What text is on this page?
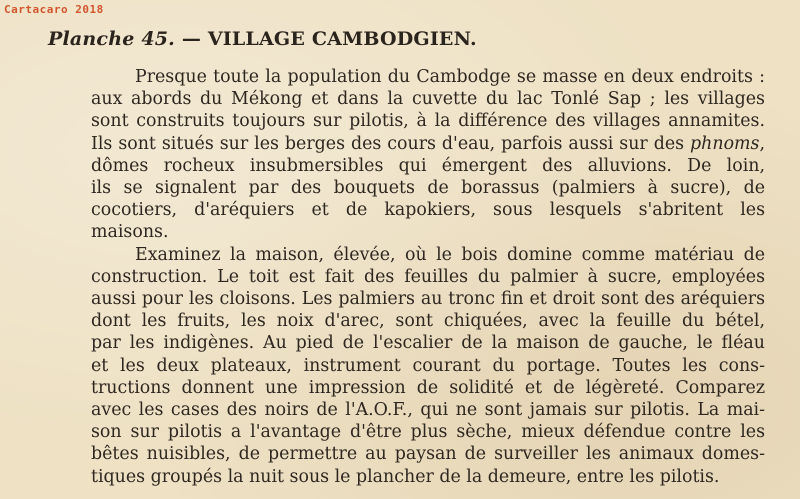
Cartacaro 2018
Planche 45. — VILLAGE CAMBODGIEN.
Presque toute la population du Cambodge se masse en deux endroits :
aux abords du Mékong et dans la cuvette du lac Tonlé Sap ; les villages
sont construits toujours sur pilotis, à la différence des villages annamites.
Ils sont situés sur les berges des cours d'eau, parfois aussi sur des phnoms,
dômes rocheux insubmersibles qui émergent des alluvions. De loin,
ils se signalent par des bouquets de borassus (palmiers à sucre), de
cocotiers, d'aréquiers et de kapokiers, sous lesquels s'abritent les
maisons.
Examinez la maison, élevée, où le bois domine comme matériau de
construction. Le toit est fait des feuilles du palmier à sucre, employées
aussi pour les cloisons. Les palmiers au tronc fin et droit sont des aréquiers
dont les fruits, les noix d'arec, sont chiquées, avec la feuille du bétel,
par les indigènes. Au pied de l'escalier de la maison de gauche, le fléau
et les deux plateaux, instrument courant du portage. Toutes les cons-
tructions donnent une impression de solidité et de légèreté. Comparez
avec les cases des noirs de l'A.O.F., qui ne sont jamais sur pilotis. La mai-
son sur pilotis a l'avantage d'être plus sèche, mieux défendue contre les
bêtes nuisibles, de permettre au paysan de surveiller les animaux domes-
tiques groupés la nuit sous le plancher de la demeure, entre les pilotis.
